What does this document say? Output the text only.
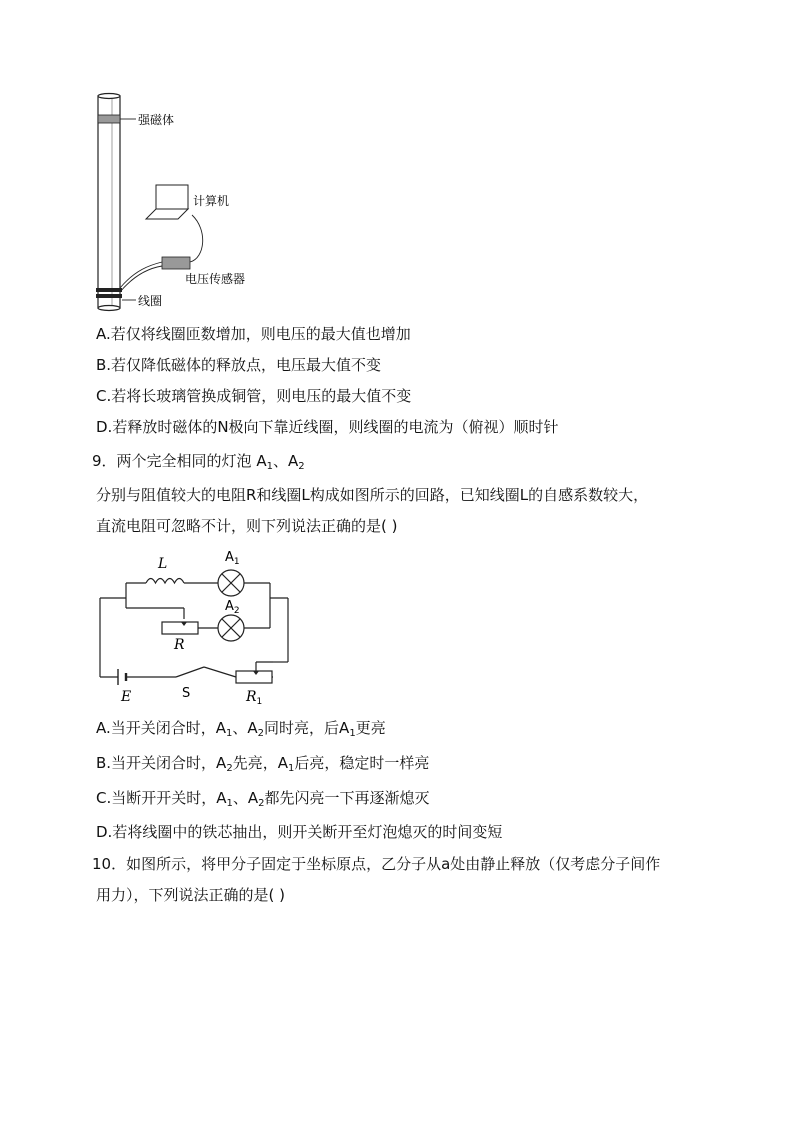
强磁体
线圈
电压传感器
计算机
A.若仅将线圈匝数增加，则电压的最大值也增加
B.若仅降低磁体的释放点，电压最大值不变
C.若将长玻璃管换成铜管，则电压的最大值不变
D.若释放时磁体的N极向下靠近线圈，则线圈的电流为（俯视）顺时针
9．两个完全相同的灯泡 $A_1$、$A_2$
分别与阻值较大的电阻R和线圈L构成如图所示的回路，已知线圈L的自感系数较大，
直流电阻可忽略不计，则下列说法正确的是( )
L	$A_1$
R
$A_2$
E	S	$R_1$
A.当开关闭合时，$A_1$、$A_2$同时亮，后$A_1$更亮
B.当开关闭合时，$A_2$先亮，$A_1$后亮，稳定时一样亮
C.当断开开关时，$A_1$、$A_2$都先闪亮一下再逐渐熄灭
D.若将线圈中的铁芯抽出，则开关断开至灯泡熄灭的时间变短
10．如图所示，将甲分子固定于坐标原点，乙分子从a处由静止释放（仅考虑分子间作
用力），下列说法正确的是( )
